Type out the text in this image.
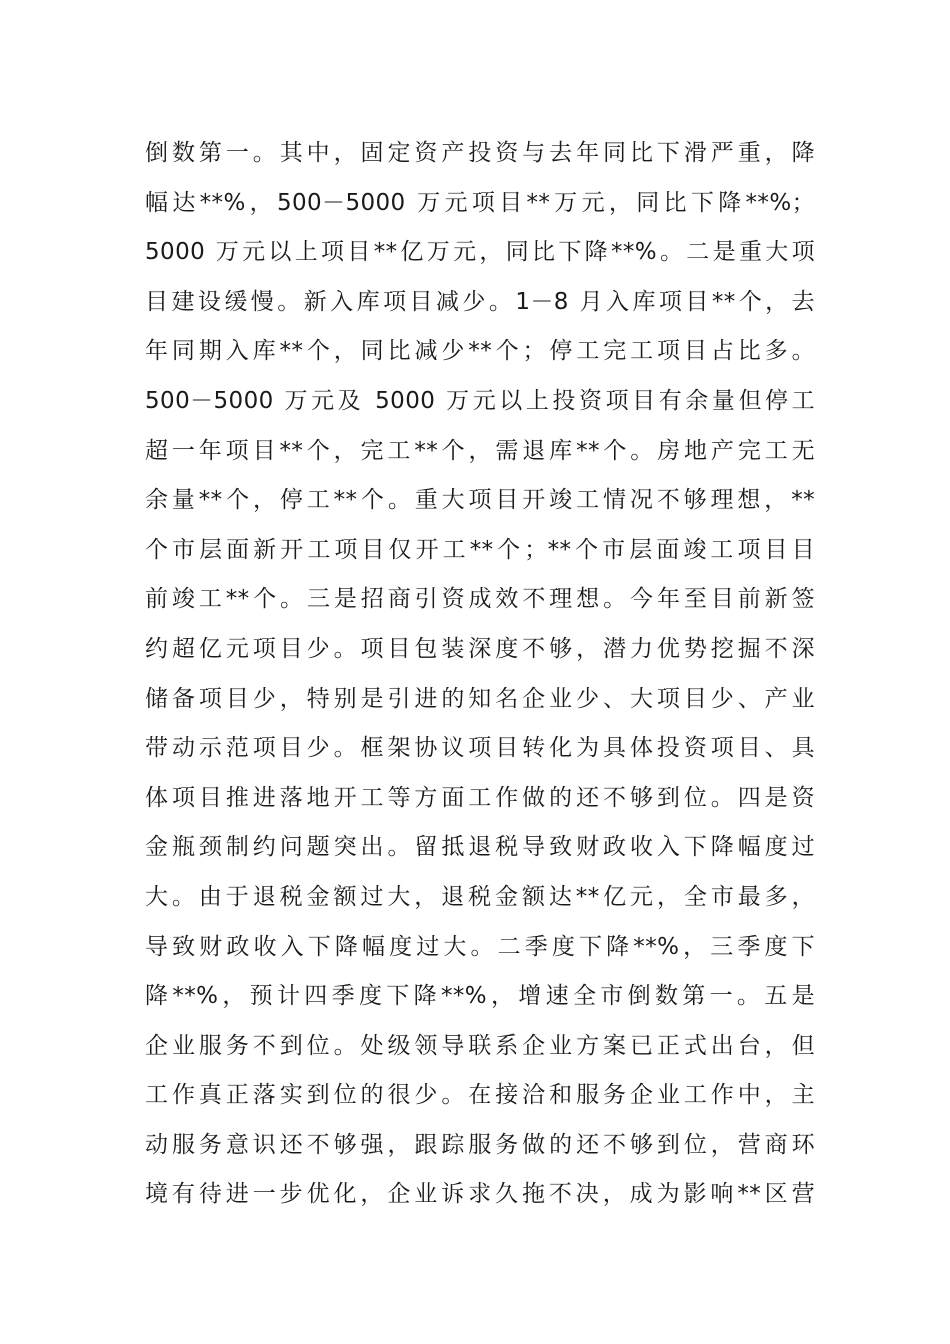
倒数第一。其中，固定资产投资与去年同比下滑严重，降
幅达**%，500－5000 万元项目**万元，同比下降**%；
5000 万元以上项目**亿万元，同比下降**%。二是重大项
目建设缓慢。新入库项目减少。1－8 月入库项目**个，去
年同期入库**个，同比减少**个；停工完工项目占比多。
500－5000 万元及 5000 万元以上投资项目有余量但停工
超一年项目**个，完工**个，需退库**个。房地产完工无
余量**个，停工**个。重大项目开竣工情况不够理想，**
个市层面新开工项目仅开工**个；**个市层面竣工项目目
前竣工**个。三是招商引资成效不理想。今年至目前新签
约超亿元项目少。项目包装深度不够，潜力优势挖掘不深
储备项目少，特别是引进的知名企业少、大项目少、产业
带动示范项目少。框架协议项目转化为具体投资项目、具
体项目推进落地开工等方面工作做的还不够到位。四是资
金瓶颈制约问题突出。留抵退税导致财政收入下降幅度过
大。由于退税金额过大，退税金额达**亿元，全市最多，
导致财政收入下降幅度过大。二季度下降**%，三季度下
降**%，预计四季度下降**%，增速全市倒数第一。五是
企业服务不到位。处级领导联系企业方案已正式出台，但
工作真正落实到位的很少。在接洽和服务企业工作中，主
动服务意识还不够强，跟踪服务做的还不够到位，营商环
境有待进一步优化，企业诉求久拖不决，成为影响**区营
